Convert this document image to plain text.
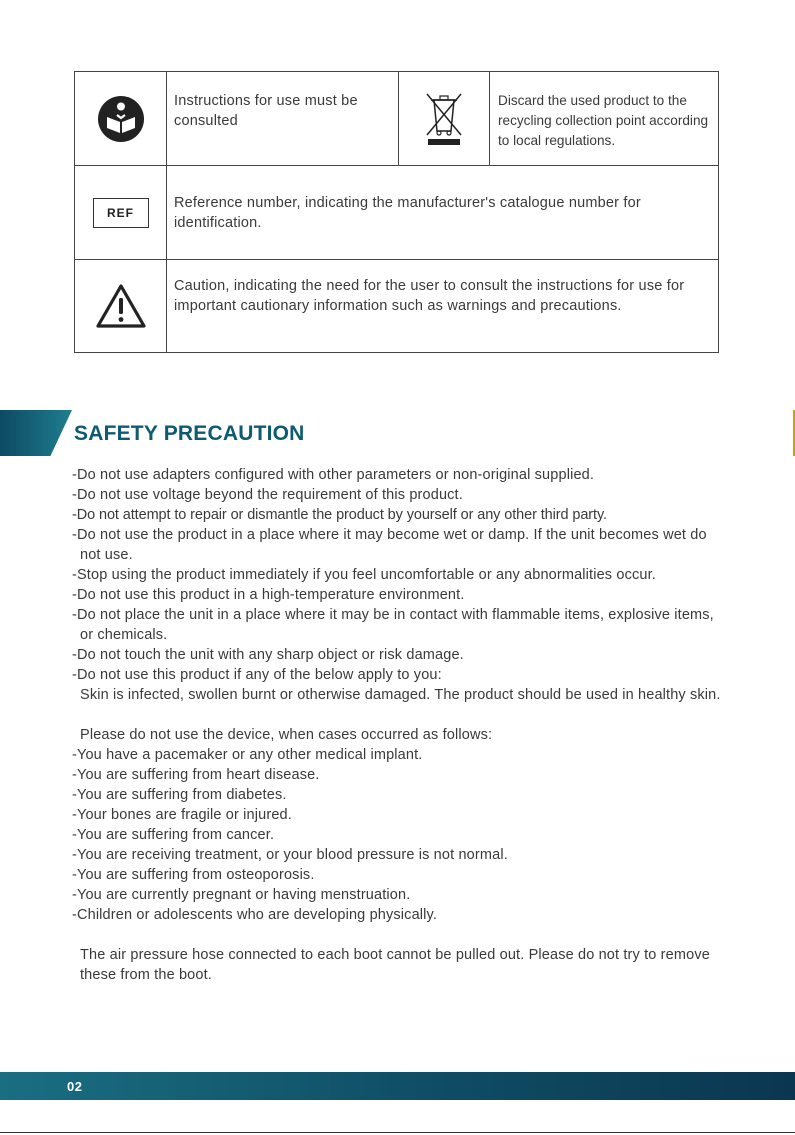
Instructions for use must be consulted
Discard the used product to the recycling collection point according to local regulations.
REF
Reference number, indicating the manufacturer's catalogue number for identification.
Caution, indicating the need for the user to consult the instructions for use for important cautionary information such as warnings and precautions.
SAFETY PRECAUTION

-Do not use adapters configured with other parameters or non-original supplied.

-Do not use voltage beyond the requirement of this product.

-Do not attempt to repair or dismantle the product by yourself or any other third party.

-Do not use the product in a place where it may become wet or damp. If the unit becomes wet do not use.

-Stop using the product immediately if you feel uncomfortable or any abnormalities occur.

-Do not use this product in a high-temperature environment.

-Do not place the unit in a place where it may be in contact with flammable items, explosive items, or chemicals.

-Do not touch the unit with any sharp object or risk damage.

-Do not use this product if any of the below apply to you:

Skin is infected, swollen burnt or otherwise damaged. The product should be used in healthy skin.

Please do not use the device, when cases occurred as follows:

-You have a pacemaker or any other medical implant.

-You are suffering from heart disease.

-You are suffering from diabetes.

-Your bones are fragile or injured.

-You are suffering from cancer.

-You are receiving treatment, or your blood pressure is not normal.

-You are suffering from osteoporosis.

-You are currently pregnant or having menstruation.

-Children or adolescents who are developing physically.

The air pressure hose connected to each boot cannot be pulled out. Please do not try to remove these from the boot.

02
